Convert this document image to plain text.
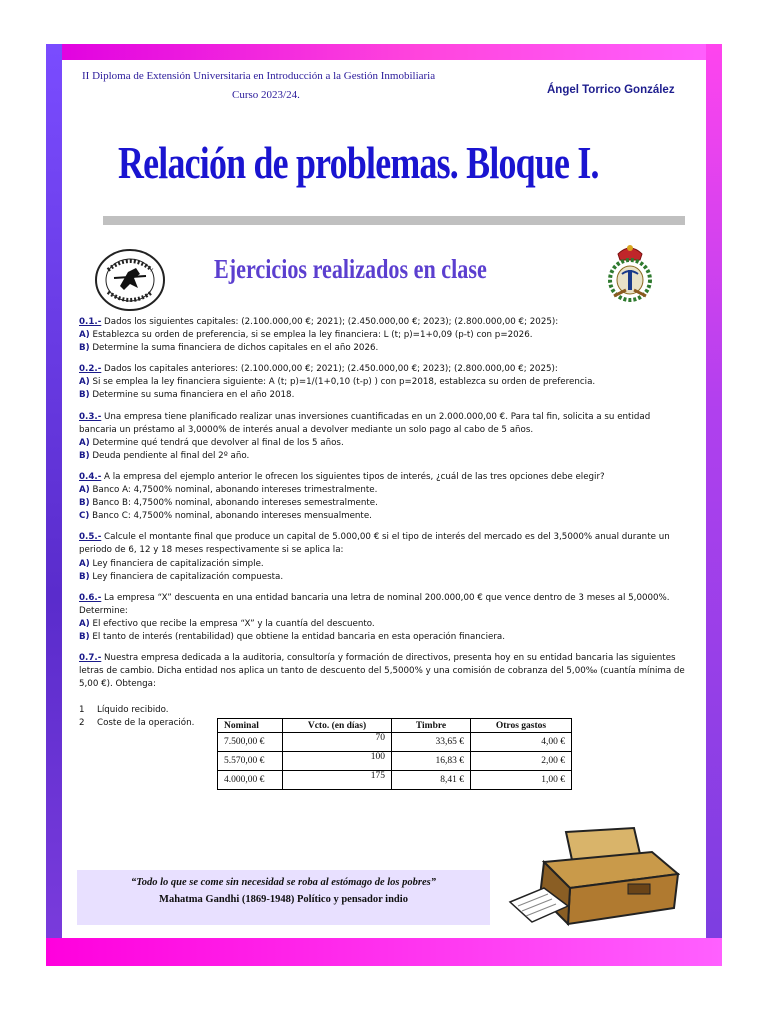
II Diploma de Extensión Universitaria en Introducción a la Gestión Inmobiliaria
Curso 2023/24.	Ángel Torrico González
Relación de problemas. Bloque I.
Ejercicios realizados en clase

0.1.- Dados los siguientes capitales: (2.100.000,00 €; 2021); (2.450.000,00 €; 2023); (2.800.000,00 €; 2025):

A) Establezca su orden de preferencia, si se emplea la ley financiera: L (t; p)=1+0,09 (p-t) con p=2026.

B) Determine la suma financiera de dichos capitales en el año 2026.

0.2.- Dados los capitales anteriores: (2.100.000,00 €; 2021); (2.450.000,00 €; 2023); (2.800.000,00 €; 2025):

A) Si se emplea la ley financiera siguiente: A (t; p)=1/(1+0,10 (t-p) ) con p=2018, establezca su orden de preferencia.

B) Determine su suma financiera en el año 2018.

0.3.- Una empresa tiene planificado realizar unas inversiones cuantificadas en un 2.000.000,00 €. Para tal fin, solicita a su entidad bancaria un préstamo al 3,0000% de interés anual a devolver mediante un solo pago al cabo de 5 años.

A) Determine qué tendrá que devolver al final de los 5 años.

B) Deuda pendiente al final del 2º año.

0.4.- A la empresa del ejemplo anterior le ofrecen los siguientes tipos de interés, ¿cuál de las tres opciones debe elegir?

A) Banco A: 4,7500% nominal, abonando intereses trimestralmente.

B) Banco B: 4,7500% nominal, abonando intereses semestralmente.

C) Banco C: 4,7500% nominal, abonando intereses mensualmente.

0.5.- Calcule el montante final que produce un capital de 5.000,00 € si el tipo de interés del mercado es del 3,5000% anual durante un periodo de 6, 12 y 18 meses respectivamente si se aplica la:

A) Ley financiera de capitalización simple.

B) Ley financiera de capitalización compuesta.

0.6.- La empresa “X” descuenta en una entidad bancaria una letra de nominal 200.000,00 € que vence dentro de 3 meses al 5,0000%. Determine:

A) El efectivo que recibe la empresa “X” y la cuantía del descuento.

B) El tanto de interés (rentabilidad) que obtiene la entidad bancaria en esta operación financiera.

0.7.- Nuestra empresa dedicada a la auditoria, consultoría y formación de directivos, presenta hoy en su entidad bancaria las siguientes letras de cambio. Dicha entidad nos aplica un tanto de descuento del 5,5000% y una comisión de cobranza del 5,00‰ (cuantía mínima de 5,00 €). Obtenga:

1 Líquido recibido.
2 Coste de la operación.	Nominal	Vcto. (en días)	Timbre	Otros gastos
7.500,00 €	70	33,65 €	4,00 €
5.570,00 €	100	16,83 €	2,00 €
4.000,00 €	175	8,41 €	1,00 €
“Todo lo que se come sin necesidad se roba al estómago de los pobres”
Mahatma Gandhi (1869-1948) Político y pensador indio
